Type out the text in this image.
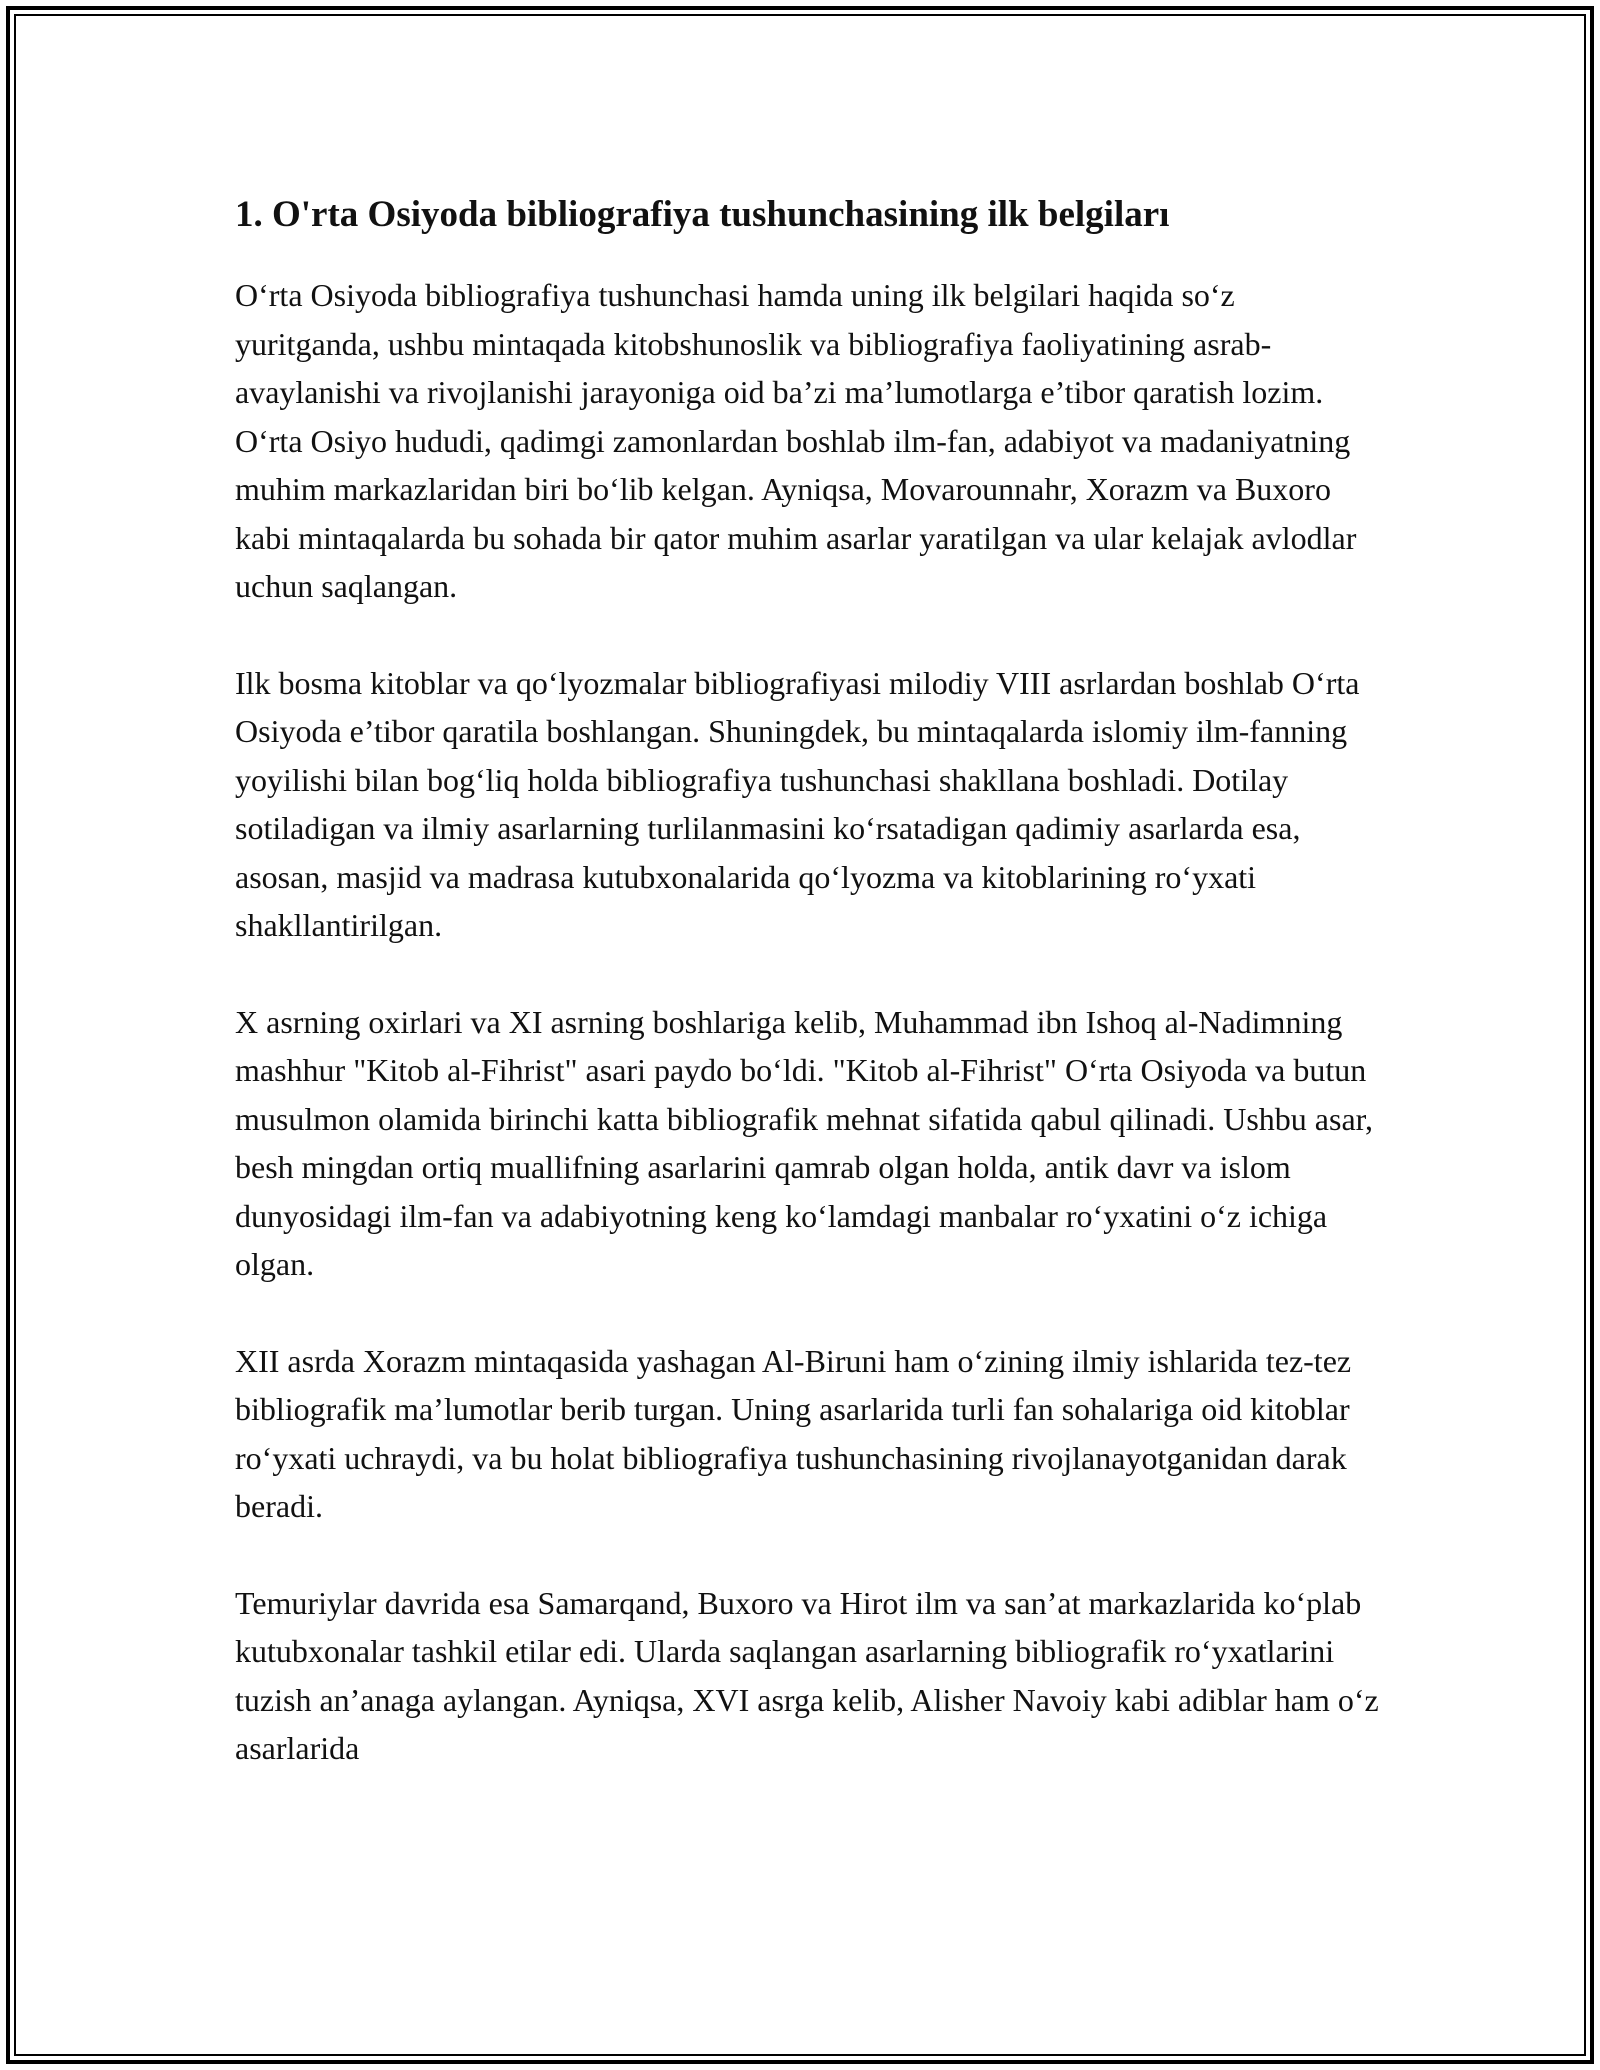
1. O'rta Osiyoda bibliografiya tushunchasining ilk belgiları

O‘rta Osiyoda bibliografiya tushunchasi hamda uning ilk belgilari haqida so‘z yuritganda, ushbu mintaqada kitobshunoslik va bibliografiya faoliyatining asrab-avaylanishi va rivojlanishi jarayoniga oid ba’zi ma’lumotlarga e’tibor qaratish lozim. O‘rta Osiyo hududi, qadimgi zamonlardan boshlab ilm-fan, adabiyot va madaniyatning muhim markazlaridan biri bo‘lib kelgan. Ayniqsa, Movarounnahr, Xorazm va Buxoro kabi mintaqalarda bu sohada bir qator muhim asarlar yaratilgan va ular kelajak avlodlar uchun saqlangan.

Ilk bosma kitoblar va qo‘lyozmalar bibliografiyasi milodiy VIII asrlardan boshlab O‘rta Osiyoda e’tibor qaratila boshlangan. Shuningdek, bu mintaqalarda islomiy ilm-fanning yoyilishi bilan bog‘liq holda bibliografiya tushunchasi shakllana boshladi. Dotilay sotiladigan va ilmiy asarlarning turlilanmasini ko‘rsatadigan qadimiy asarlarda esa, asosan, masjid va madrasa kutubxonalarida qo‘lyozma va kitoblarining ro‘yxati shakllantirilgan.

X asrning oxirlari va XI asrning boshlariga kelib, Muhammad ibn Ishoq al-Nadimning mashhur "Kitob al-Fihrist" asari paydo bo‘ldi. "Kitob al-Fihrist" O‘rta Osiyoda va butun musulmon olamida birinchi katta bibliografik mehnat sifatida qabul qilinadi. Ushbu asar, besh mingdan ortiq muallifning asarlarini qamrab olgan holda, antik davr va islom dunyosidagi ilm-fan va adabiyotning keng ko‘lamdagi manbalar ro‘yxatini o‘z ichiga olgan.

XII asrda Xorazm mintaqasida yashagan Al-Biruni ham o‘zining ilmiy ishlarida tez-tez bibliografik ma’lumotlar berib turgan. Uning asarlarida turli fan sohalariga oid kitoblar ro‘yxati uchraydi, va bu holat bibliografiya tushunchasining rivojlanayotganidan darak beradi.

Temuriylar davrida esa Samarqand, Buxoro va Hirot ilm va san’at markazlarida ko‘plab kutubxonalar tashkil etilar edi. Ularda saqlangan asarlarning bibliografik ro‘yxatlarini tuzish an’anaga aylangan. Ayniqsa, XVI asrga kelib, Alisher Navoiy kabi adiblar ham o‘z asarlarida
